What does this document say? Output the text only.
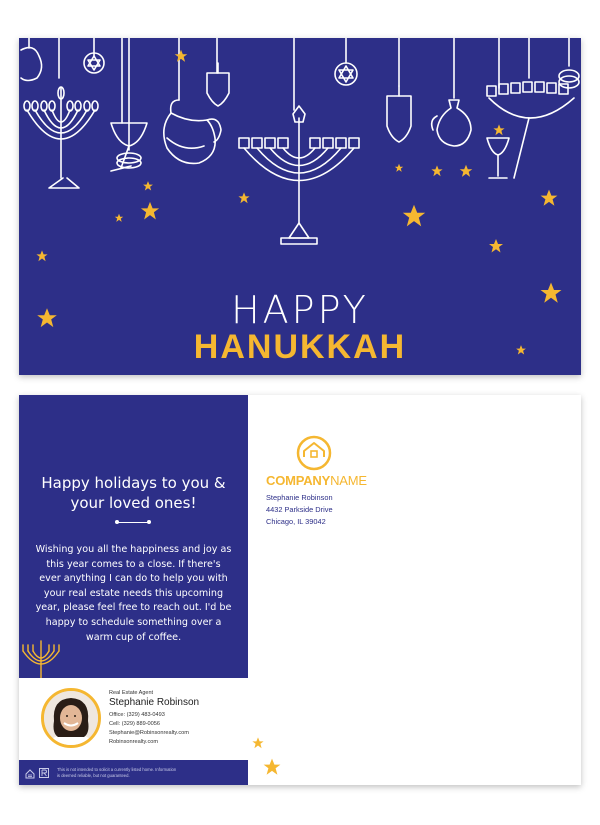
HAPPY
HANUKKAH
Happy holidays to you & your loved ones!
Wishing you all the happiness and joy as this year comes to a close. If there's ever anything I can do to help you with your real estate needs this upcoming year, please feel free to reach out. I'd be happy to schedule something over a warm cup of coffee.
Real Estate Agent
Stephanie Robinson
Office: (329) 483-0493
Cell: (329) 889-0056
Stephanie@Robinsonrealty.com
Robinsonrealty.com
This is not intended to solicit a currently listed home. Information is deemed reliable, but not guaranteed.
COMPANYNAME
Stephanie Robinson
4432 Parkside Drive
Chicago, IL 39042
